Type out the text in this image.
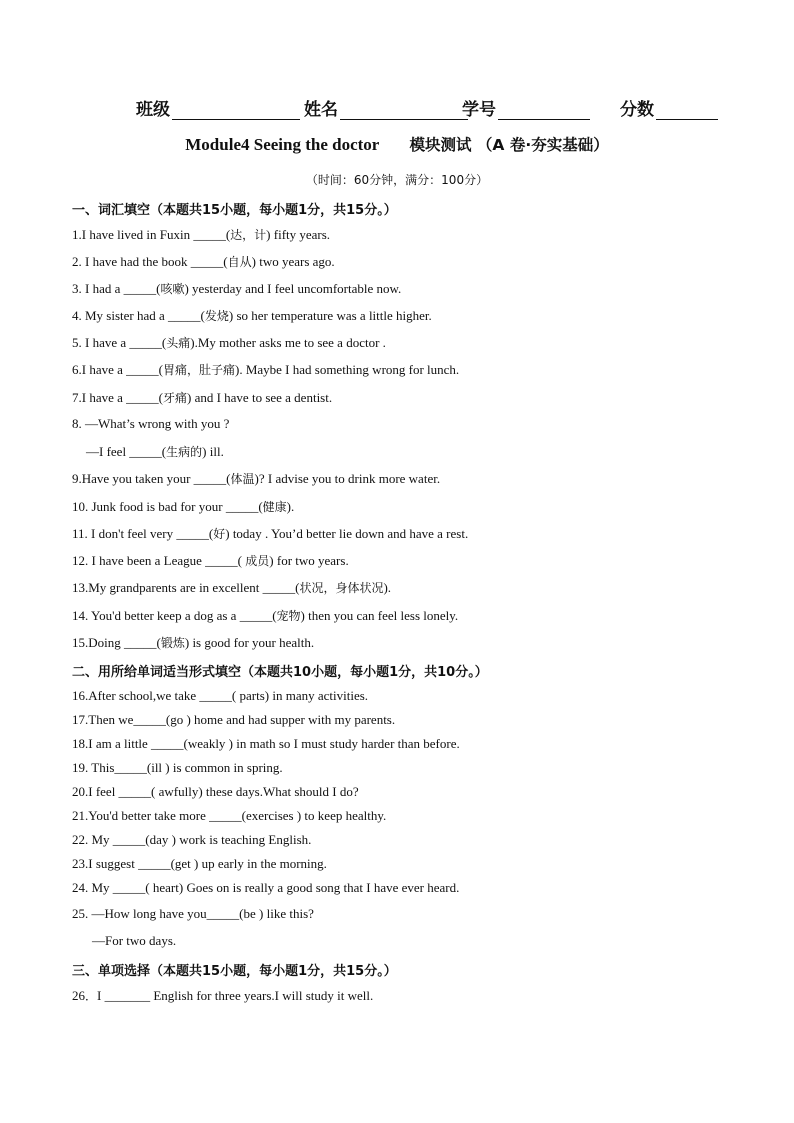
班级	姓名	学号	分数
Module4 Seeing the doctor 模块测试 （A 卷·夯实基础）
（时间：60分钟，满分：100分）
一、词汇填空（本题共15小题，每小题1分，共15分。）
1.I have lived in Fuxin _____(达，计) fifty years.
2. I have had the book _____(自从) two years ago.
3. I had a _____(咳嗽) yesterday and I feel uncomfortable now.
4. My sister had a _____(发烧) so her temperature was a little higher.
5. I have a _____(头痛).My mother asks me to see a doctor .
6.I have a _____(胃痛，肚子痛). Maybe I had something wrong for lunch.
7.I have a _____(牙痛) and I have to see a dentist.
8. —What’s wrong with you ?
—I feel _____(生病的) ill.
9.Have you taken your _____(体温)? I advise you to drink more water.
10. Junk food is bad for your _____(健康).
11. I don't feel very _____(好) today . You’d better lie down and have a rest.
12. I have been a League _____( 成员) for two years.
13.My grandparents are in excellent _____(状况，身体状况).
14. You'd better keep a dog as a _____(宠物) then you can feel less lonely.
15.Doing _____(锻炼) is good for your health.
二、用所给单词适当形式填空（本题共10小题，每小题1分，共10分。）
16.After school,we take _____( parts) in many activities.
17.Then we_____(go ) home and had supper with my parents.
18.I am a little _____(weakly ) in math so I must study harder than before.
19. This_____(ill ) is common in spring.
20.I feel _____( awfully) these days.What should I do?
21.You'd better take more _____(exercises ) to keep healthy.
22. My _____(day ) work is teaching English.
23.I suggest _____(get ) up early in the morning.
24. My _____( heart) Goes on is really a good song that I have ever heard.
25. —How long have you_____(be ) like this?
—For two days.
三、单项选择（本题共15小题，每小题1分，共15分。）
26．I _______ English for three years.I will study it well.
